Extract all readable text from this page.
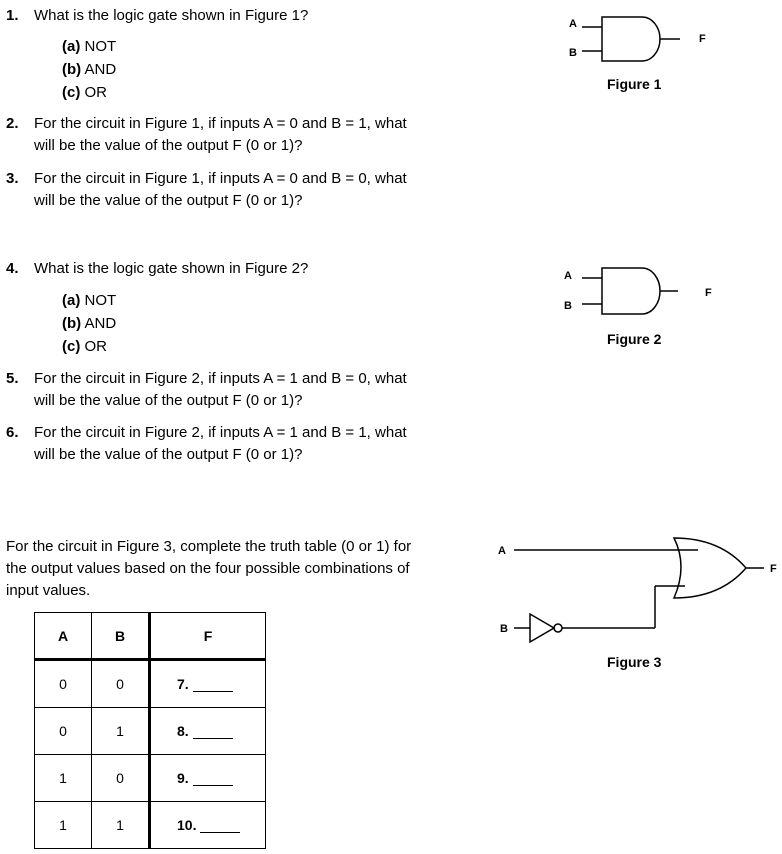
1. What is the logic gate shown in Figure 1?
(a) NOT
(b) AND
(c) OR
2. For the circuit in Figure 1, if inputs A = 0 and B = 1, what
will be the value of the output F (0 or 1)?
3. For the circuit in Figure 1, if inputs A = 0 and B = 0, what
will be the value of the output F (0 or 1)?
4. What is the logic gate shown in Figure 2?
(a) NOT
(b) AND
(c) OR
5. For the circuit in Figure 2, if inputs A = 1 and B = 0, what
will be the value of the output F (0 or 1)?
6. For the circuit in Figure 2, if inputs A = 1 and B = 1, what
will be the value of the output F (0 or 1)?
For the circuit in Figure 3, complete the truth table (0 or 1) for
the output values based on the four possible combinations of
input values.
A
B
F
Figure 1
A
B
F
Figure 2
A
F
B
Figure 3
A	B	F
0	0	7.
0	1	8.
1	0	9.
1	1	10.
